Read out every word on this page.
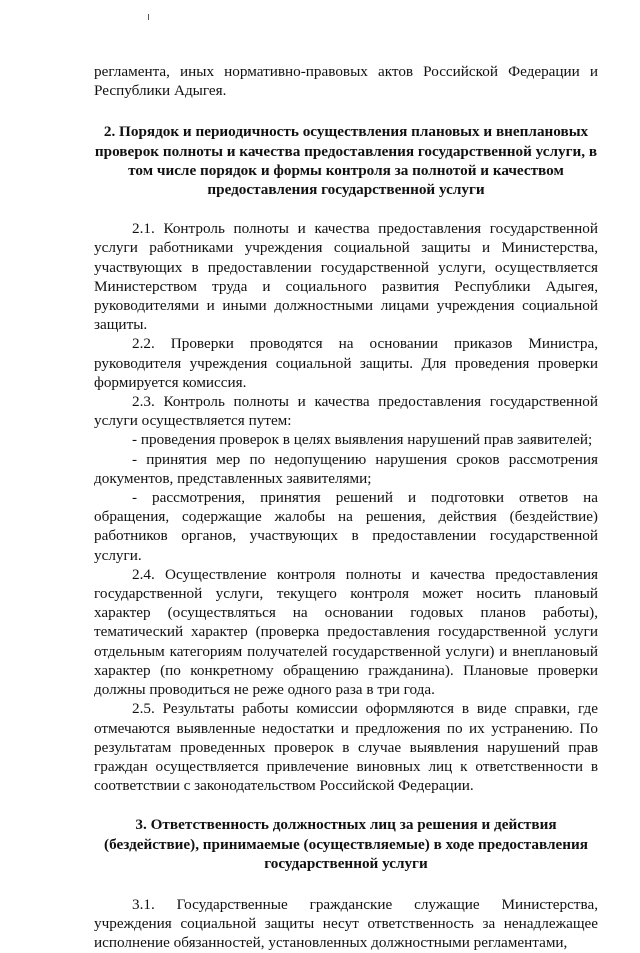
регламента, иных нормативно-правовых актов Российской Федерации и Республики Адыгея.

2. Порядок и периодичность осуществления плановых и внеплановых проверок полноты и качества предоставления государственной услуги, в том числе порядок и формы контроля за полнотой и качеством предоставления государственной услуги

2.1. Контроль полноты и качества предоставления государственной услуги работниками учреждения социальной защиты и Министерства, участвующих в предоставлении государственной услуги, осуществляется Министерством труда и социального развития Республики Адыгея, руководителями и иными должностными лицами учреждения социальной защиты.

2.2. Проверки проводятся на основании приказов Министра, руководителя учреждения социальной защиты. Для проведения проверки формируется комиссия.

2.3. Контроль полноты и качества предоставления государственной услуги осуществляется путем:

- проведения проверок в целях выявления нарушений прав заявителей;

- принятия мер по недопущению нарушения сроков рассмотрения документов, представленных заявителями;

- рассмотрения, принятия решений и подготовки ответов на обращения, содержащие жалобы на решения, действия (бездействие) работников органов, участвующих в предоставлении государственной услуги.

2.4. Осуществление контроля полноты и качества предоставления государственной услуги, текущего контроля может носить плановый характер (осуществляться на основании годовых планов работы), тематический характер (проверка предоставления государственной услуги отдельным категориям получателей государственной услуги) и внеплановый характер (по конкретному обращению гражданина). Плановые проверки должны проводиться не реже одного раза в три года.

2.5. Результаты работы комиссии оформляются в виде справки, где отмечаются выявленные недостатки и предложения по их устранению. По результатам проведенных проверок в случае выявления нарушений прав граждан осуществляется привлечение виновных лиц к ответственности в соответствии с законодательством Российской Федерации.

3. Ответственность должностных лиц за решения и действия (бездействие), принимаемые (осуществляемые) в ходе предоставления государственной услуги

3.1. Государственные гражданские служащие Министерства, учреждения социальной защиты несут ответственность за ненадлежащее исполнение обязанностей, установленных должностными регламентами,
